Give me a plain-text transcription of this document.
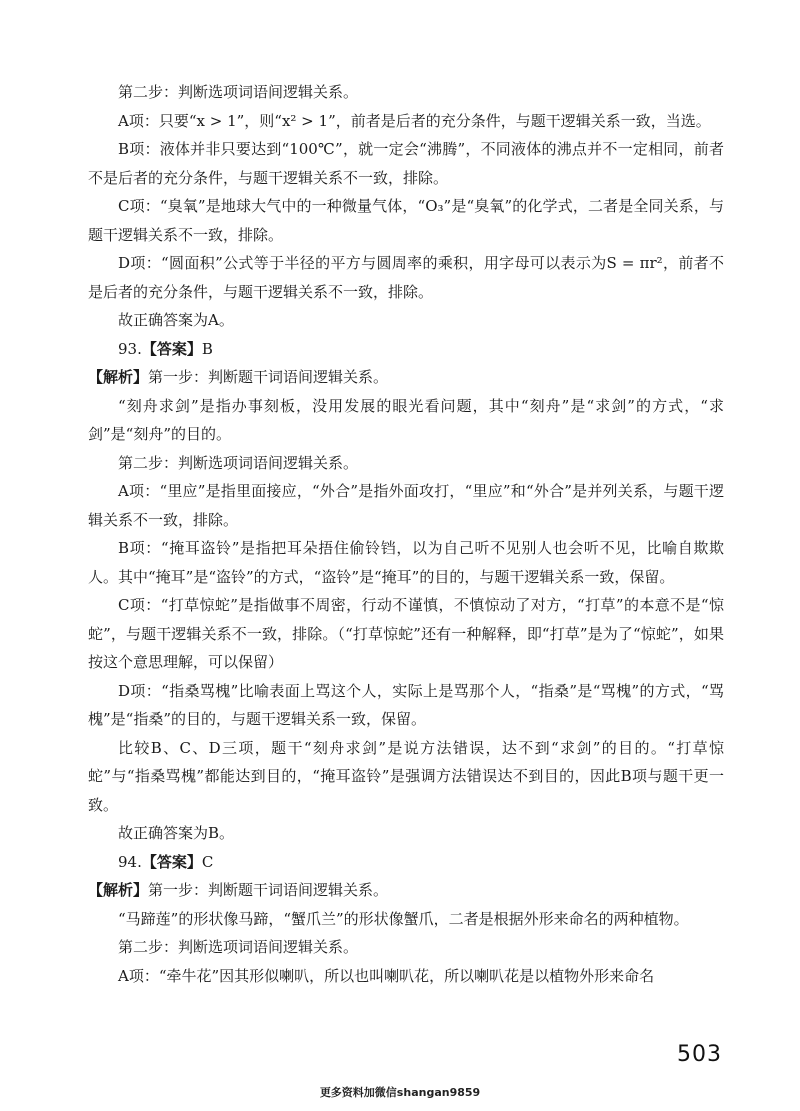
第二步：判断选项词语间逻辑关系。

A项：只要“x > 1”，则“x² > 1”，前者是后者的充分条件，与题干逻辑关系一致，当选。

B项：液体并非只要达到“100℃”，就一定会“沸腾”，不同液体的沸点并不一定相同，前者不是后者的充分条件，与题干逻辑关系不一致，排除。

C项：“臭氧”是地球大气中的一种微量气体，“O₃”是“臭氧”的化学式，二者是全同关系，与题干逻辑关系不一致，排除。

D项：“圆面积”公式等于半径的平方与圆周率的乘积，用字母可以表示为S = πr²，前者不是后者的充分条件，与题干逻辑关系不一致，排除。

故正确答案为A。

93.【答案】B

【解析】第一步：判断题干词语间逻辑关系。

“刻舟求剑”是指办事刻板，没用发展的眼光看问题，其中“刻舟”是“求剑”的方式，“求剑”是“刻舟”的目的。

第二步：判断选项词语间逻辑关系。

A项：“里应”是指里面接应，“外合”是指外面攻打，“里应”和“外合”是并列关系，与题干逻辑关系不一致，排除。

B项：“掩耳盗铃”是指把耳朵捂住偷铃铛，以为自己听不见别人也会听不见，比喻自欺欺人。其中“掩耳”是“盗铃”的方式，“盗铃”是“掩耳”的目的，与题干逻辑关系一致，保留。

C项：“打草惊蛇”是指做事不周密，行动不谨慎，不慎惊动了对方，“打草”的本意不是“惊蛇”，与题干逻辑关系不一致，排除。（“打草惊蛇”还有一种解释，即“打草”是为了“惊蛇”，如果按这个意思理解，可以保留）

D项：“指桑骂槐”比喻表面上骂这个人，实际上是骂那个人，“指桑”是“骂槐”的方式，“骂槐”是“指桑”的目的，与题干逻辑关系一致，保留。

比较B、C、D三项，题干“刻舟求剑”是说方法错误，达不到“求剑”的目的。“打草惊蛇”与“指桑骂槐”都能达到目的，“掩耳盗铃”是强调方法错误达不到目的，因此B项与题干更一致。

故正确答案为B。

94.【答案】C

【解析】第一步：判断题干词语间逻辑关系。

“马蹄莲”的形状像马蹄，“蟹爪兰”的形状像蟹爪，二者是根据外形来命名的两种植物。

第二步：判断选项词语间逻辑关系。

A项：“牵牛花”因其形似喇叭，所以也叫喇叭花，所以喇叭花是以植物外形来命名

503
更多资料加微信shangan9859
